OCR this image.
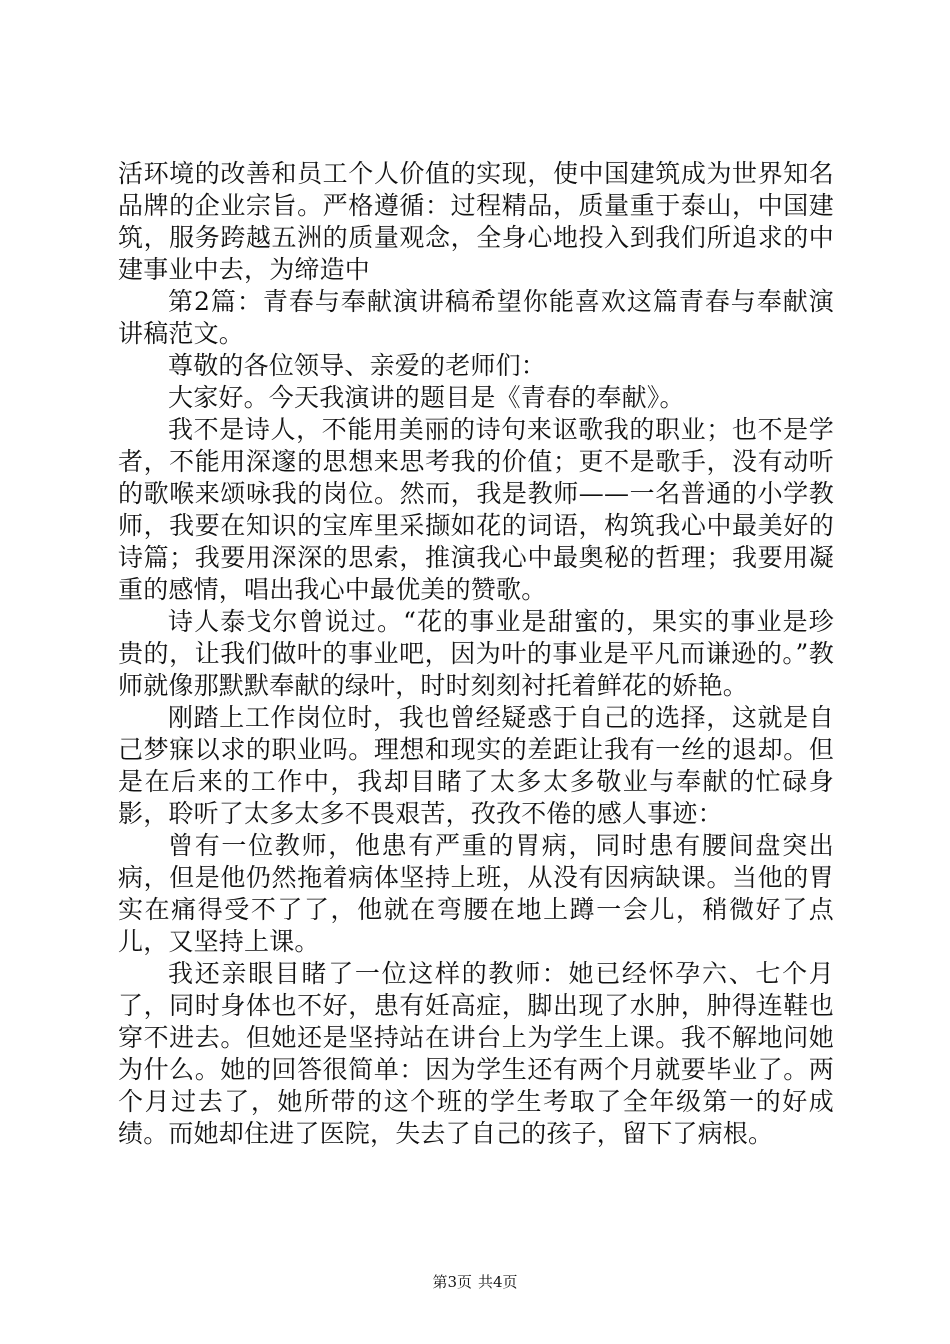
活环境的改善和员工个人价值的实现，使中国建筑成为世界知名品牌的企业宗旨。严格遵循：过程精品，质量重于泰山，中国建筑，服务跨越五洲的质量观念，全身心地投入到我们所追求的中建事业中去，为缔造中

第2篇：青春与奉献演讲稿希望你能喜欢这篇青春与奉献演讲稿范文。

尊敬的各位领导、亲爱的老师们：

大家好。今天我演讲的题目是《青春的奉献》。

我不是诗人，不能用美丽的诗句来讴歌我的职业；也不是学者，不能用深邃的思想来思考我的价值；更不是歌手，没有动听的歌喉来颂咏我的岗位。然而，我是教师——一名普通的小学教师，我要在知识的宝库里采撷如花的词语，构筑我心中最美好的诗篇；我要用深深的思索，推演我心中最奥秘的哲理；我要用凝重的感情，唱出我心中最优美的赞歌。

诗人泰戈尔曾说过。“花的事业是甜蜜的，果实的事业是珍贵的，让我们做叶的事业吧，因为叶的事业是平凡而谦逊的。”教师就像那默默奉献的绿叶，时时刻刻衬托着鲜花的娇艳。

刚踏上工作岗位时，我也曾经疑惑于自己的选择，这就是自己梦寐以求的职业吗。理想和现实的差距让我有一丝的退却。但是在后来的工作中，我却目睹了太多太多敬业与奉献的忙碌身影，聆听了太多太多不畏艰苦，孜孜不倦的感人事迹：

曾有一位教师，他患有严重的胃病，同时患有腰间盘突出病，但是他仍然拖着病体坚持上班，从没有因病缺课。当他的胃实在痛得受不了了，他就在弯腰在地上蹲一会儿，稍微好了点儿，又坚持上课。

我还亲眼目睹了一位这样的教师：她已经怀孕六、七个月了，同时身体也不好，患有妊高症，脚出现了水肿，肿得连鞋也穿不进去。但她还是坚持站在讲台上为学生上课。我不解地问她为什么。她的回答很简单：因为学生还有两个月就要毕业了。两个月过去了，她所带的这个班的学生考取了全年级第一的好成绩。而她却住进了医院，失去了自己的孩子，留下了病根。

第3页 共4页
